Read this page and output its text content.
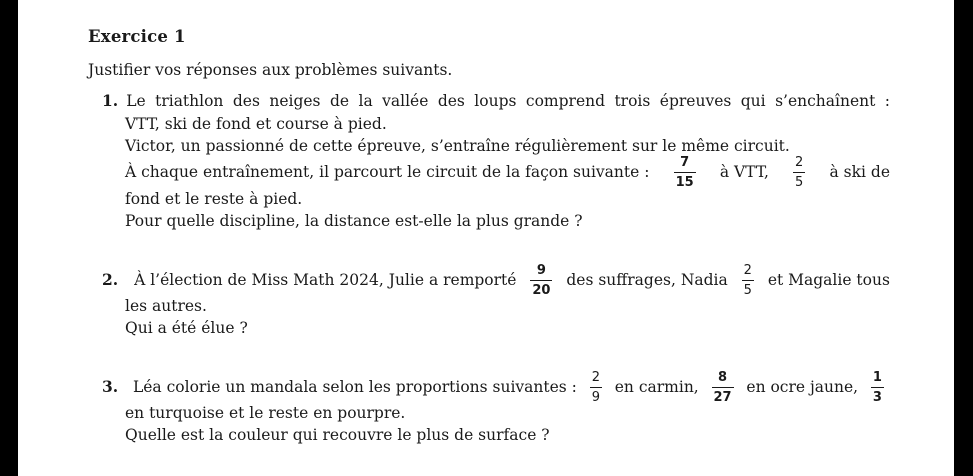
Exercice 1
Justifier vos réponses aux problèmes suivants.
1. Le triathlon des neiges de la vallée des loups comprend trois épreuves qui s’enchaînent :
VTT, ski de fond et course à pied.
Victor, un passionné de cette épreuve, s’entraîne régulièrement sur le même circuit.
À chaque entraînement, il parcourt le circuit de la façon suivante : $\frac{7}{15}$ à VTT, $\frac{2}{5}$ à ski de
fond et le reste à pied.
Pour quelle discipline, la distance est-elle la plus grande ?
2. À l’élection de Miss Math 2024, Julie a remporté $\frac{9}{20}$ des suffrages, Nadia $\frac{2}{5}$ et Magalie tous
les autres.
Qui a été élue ?
3. Léa colorie un mandala selon les proportions suivantes : $\frac{2}{9}$ en carmin, $\frac{8}{27}$ en ocre jaune, $\frac{1}{3}$
en turquoise et le reste en pourpre.
Quelle est la couleur qui recouvre le plus de surface ?
